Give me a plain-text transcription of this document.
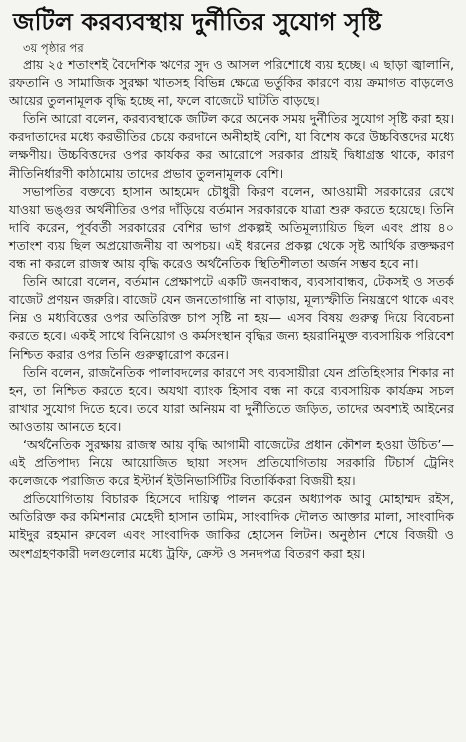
জটিল করব্যবস্থায় দুর্নীতির সুযোগ সৃষ্টি
৩য় পৃষ্ঠার পর

প্রায় ২৫ শতাংশই বৈদেশিক ঋণের সুদ ও আসল পরিশোধে ব্যয় হচ্ছে। এ ছাড়া জ্বালানি, রফতানি ও সামাজিক সুরক্ষা খাতসহ বিভিন্ন ক্ষেত্রে ভর্তুকির কারণে ব্যয় ক্রমাগত বাড়লেও আয়ের তুলনামূলক বৃদ্ধি হচ্ছে না, ফলে বাজেটে ঘাটতি বাড়ছে।

তিনি আরো বলেন, করব্যবস্থাকে জটিল করে অনেক সময় দুর্নীতির সুযোগ সৃষ্টি করা হয়। করদাতাদের মধ্যে করভীতির চেয়ে করদানে অনীহাই বেশি, যা বিশেষ করে উচ্চবিত্তদের মধ্যে লক্ষণীয়। উচ্চবিত্তদের ওপর কার্যকর কর আরোপে সরকার প্রায়ই দ্বিধাগ্রস্ত থাকে, কারণ নীতিনির্ধারণী কাঠামোয় তাদের প্রভাব তুলনামূলক বেশি।

সভাপতির বক্তব্যে হাসান আহমেদ চৌধুরী কিরণ বলেন, আওয়ামী সরকারের রেখে যাওয়া ভঙ্গুর অর্থনীতির ওপর দাঁড়িয়ে বর্তমান সরকারকে যাত্রা শুরু করতে হয়েছে। তিনি দাবি করেন, পূর্ববর্তী সরকারের বেশির ভাগ প্রকল্পই অতিমূল্যায়িত ছিল এবং প্রায় ৪০ শতাংশ ব্যয় ছিল অপ্রয়োজনীয় বা অপচয়। এই ধরনের প্রকল্প থেকে সৃষ্ট আর্থিক রক্তক্ষরণ বন্ধ না করলে রাজস্ব আয় বৃদ্ধি করেও অর্থনৈতিক স্থিতিশীলতা অর্জন সম্ভব হবে না।

তিনি আরো বলেন, বর্তমান প্রেক্ষাপটে একটি জনবান্ধব, ব্যবসাবান্ধব, টেকসই ও সতর্ক বাজেট প্রণয়ন জরুরি। বাজেট যেন জনতোগান্তি না বাড়ায়, মূল্যস্ফীতি নিয়ন্ত্রণে থাকে এবং নিম্ন ও মধ্যবিত্তের ওপর অতিরিক্ত চাপ সৃষ্টি না হয়— এসব বিষয় গুরুত্ব দিয়ে বিবেচনা করতে হবে। একই সাথে বিনিয়োগ ও কর্মসংস্থান বৃদ্ধির জন্য হয়রানিমুক্ত ব্যবসায়িক পরিবেশ নিশ্চিত করার ওপর তিনি গুরুত্বারোপ করেন।

তিনি বলেন, রাজনৈতিক পালাবদলের কারণে সৎ ব্যবসায়ীরা যেন প্রতিহিংসার শিকার না হন, তা নিশ্চিত করতে হবে। অযথা ব্যাংক হিসাব বন্ধ না করে ব্যবসায়িক কার্যক্রম সচল রাখার সুযোগ দিতে হবে। তবে যারা অনিয়ম বা দুর্নীতিতে জড়িত, তাদের অবশ্যই আইনের আওতায় আনতে হবে।

‘অর্থনৈতিক সুরক্ষায় রাজস্ব আয় বৃদ্ধি আগামী বাজেটের প্রধান কৌশল হওয়া উচিত’— এই প্রতিপাদ্য নিয়ে আয়োজিত ছায়া সংসদ প্রতিযোগিতায় সরকারি টিচার্স ট্রেনিং কলেজকে পরাজিত করে ইস্টার্ন ইউনিভার্সিটির বিতার্কিকরা বিজয়ী হয়।

প্রতিযোগিতায় বিচারক হিসেবে দায়িত্ব পালন করেন অধ্যাপক আবু মোহাম্মদ রইস, অতিরিক্ত কর কমিশনার মেহেদী হাসান তামিম, সাংবাদিক দৌলত আক্তার মালা, সাংবাদিক মাইদুর রহমান রুবেল এবং সাংবাদিক জাকির হোসেন লিটন। অনুষ্ঠান শেষে বিজয়ী ও অংশগ্রহণকারী দলগুলোর মধ্যে ট্রফি, ক্রেস্ট ও সনদপত্র বিতরণ করা হয়।
